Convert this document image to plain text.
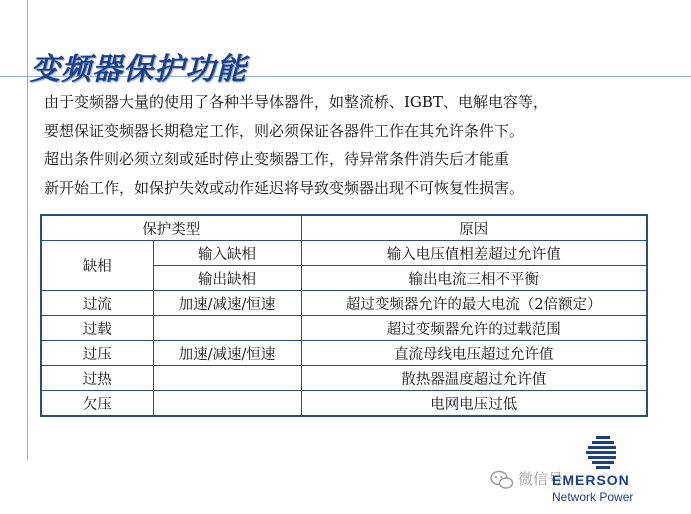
变频器保护功能

由于变频器大量的使用了各种半导体器件，如整流桥、IGBT、电解电容等，

要想保证变频器长期稳定工作，则必须保证各器件工作在其允许条件下。

超出条件则必须立刻或延时停止变频器工作，待异常条件消失后才能重

新开始工作，如保护失效或动作延迟将导致变频器出现不可恢复性损害。

保护类型		原因
缺相	输入缺相	输入电压值相差超过允许值
	输出缺相	输出电流三相不平衡
过流	加速/减速/恒速	超过变频器允许的最大电流（2倍额定）
过载		超过变频器允许的过载范围
过压	加速/减速/恒速	直流母线电压超过允许值
过热		散热器温度超过允许值
欠压		电网电压过低
微信号
EMERSON
Network Power
